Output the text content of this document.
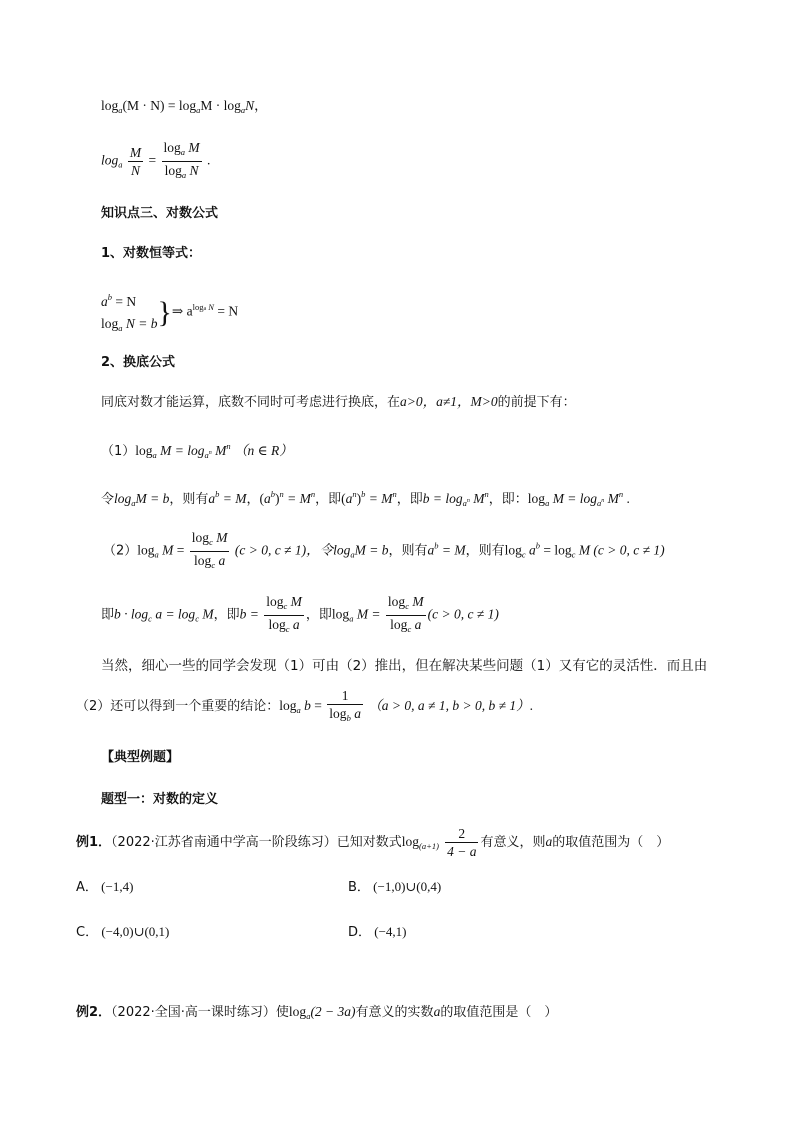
$\log_a(M \cdot N) = \log_aM \cdot \log_aN$，
$\log_a \frac{M}{N} = \frac{\log_a M}{\log_a N}$ .
知识点三、对数公式
1、对数恒等式：
$a^b = N$
$\log_a N = b$ }⇒ $a^{loga N} = N$
2、换底公式
同底对数才能运算，底数不同时可考虑进行换底，在a>0，a≠1，M>0的前提下有：
$(1)\log_a$ $M = \log_{a^n} M^n$ （n ∈ R）
令$\log_aM = b$，则有$a^b = M$，$(a^b)^n = M^n$，即$(a^n)^b = M^n$，即$b = \log_{a^n} M^n$，即：$\log_a M = \log_{a^n} M^n$ .
$(2)\log_a$ $M = \frac{\log_c M}{\log_c a} (c > 0$, c ≠ 1)，令$\log_aM = b$，则有$a^b = M$，则有$\log_c a^b = \log_c M$ (c > 0, c ≠ 1)
即$b \cdot \log_c a = \log_c M$，即$b = \frac{\log_c M}{\log_c a}$ ，即$\log_a M = \frac{\log_c M}{\log_c a} (c > 0$, c ≠ 1)
当然，细心一些的同学会发现（1）可由（2）推出，但在解决某些问题（1）又有它的灵活性．而且由
（2）还可以得到一个重要的结论：$\log_a b = \frac{1}{\log_b a} (a > 0$, a ≠ 1, b > 0, b ≠ 1）.
【典型例题】
题型一：对数的定义
例1．（2022·江苏省南通中学高一阶段练习）已知对数式$\log_{(a+1)} \frac{2}{4 - a}$ 有意义，则a的取值范围为（　）
A． (−1,4)	B． (−1,0)∪(0,4)
C． (−4,0)∪(0,1)	D． (−4,1)
例2．（2022·全国·高一课时练习）使$\log_a(2 - 3a)$有意义的实数a的取值范围是（　）
